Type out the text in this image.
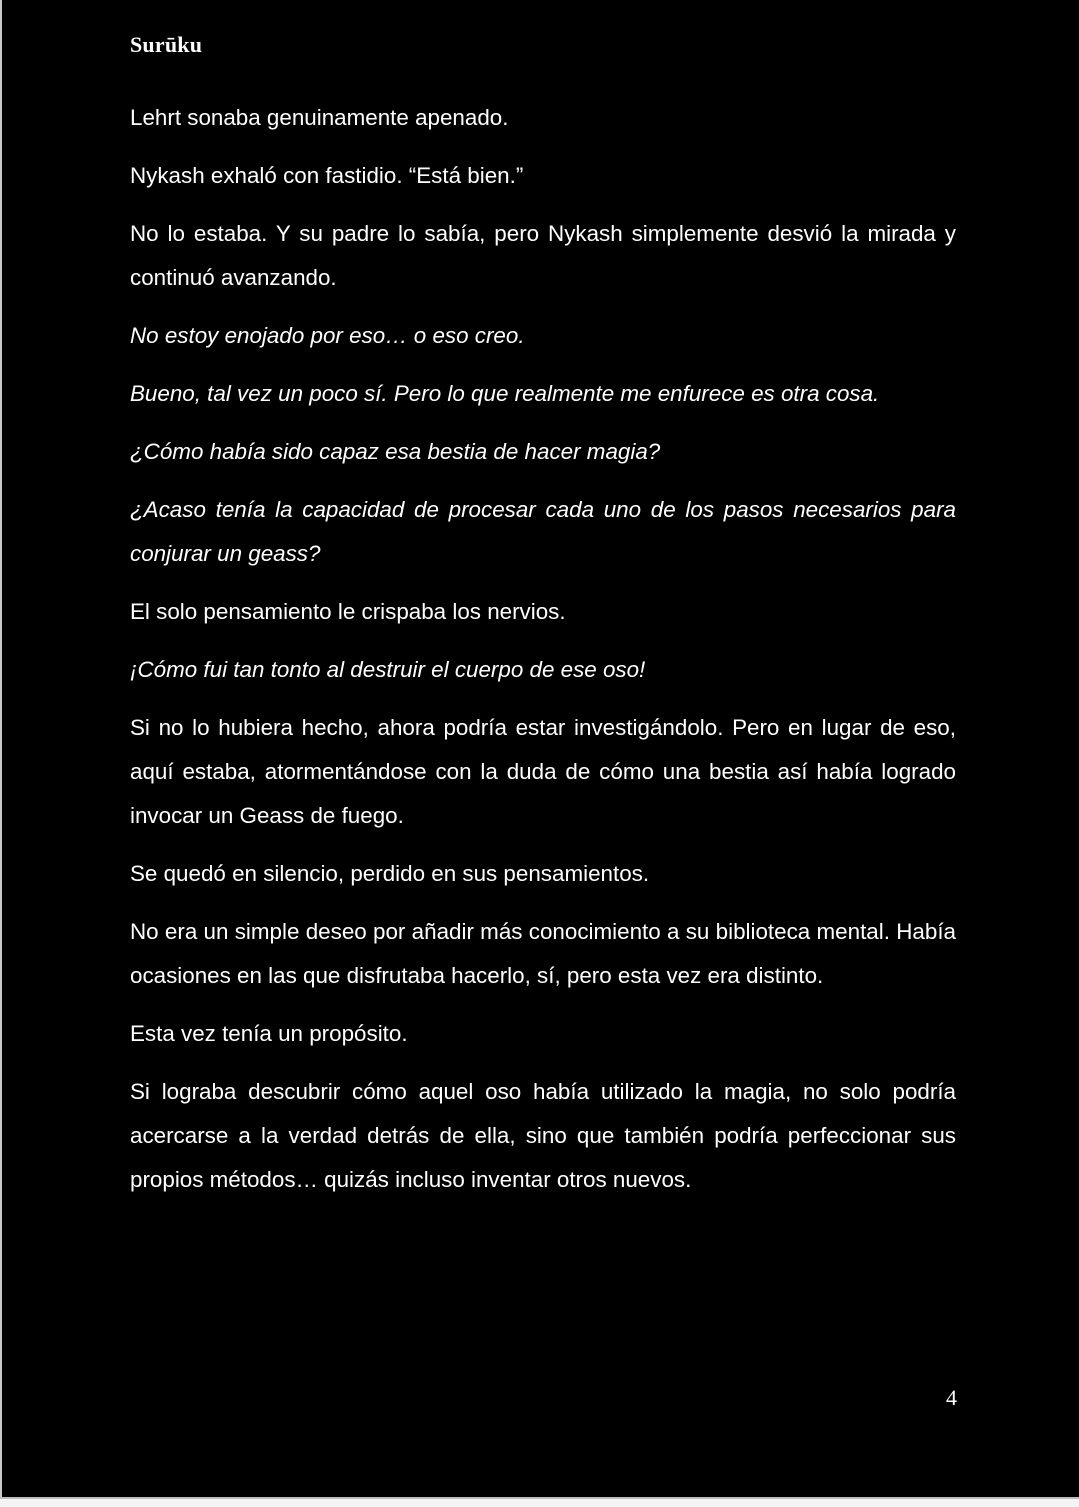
Surūku

Lehrt sonaba genuinamente apenado.

Nykash exhaló con fastidio. “Está bien.”

No lo estaba. Y su padre lo sabía, pero Nykash simplemente desvió la mirada y continuó avanzando.

No estoy enojado por eso… o eso creo.

Bueno, tal vez un poco sí. Pero lo que realmente me enfurece es otra cosa.

¿Cómo había sido capaz esa bestia de hacer magia?

¿Acaso tenía la capacidad de procesar cada uno de los pasos necesarios para conjurar un geass?

El solo pensamiento le crispaba los nervios.

¡Cómo fui tan tonto al destruir el cuerpo de ese oso!

Si no lo hubiera hecho, ahora podría estar investigándolo. Pero en lugar de eso, aquí estaba, atormentándose con la duda de cómo una bestia así había logrado invocar un Geass de fuego.

Se quedó en silencio, perdido en sus pensamientos.

No era un simple deseo por añadir más conocimiento a su biblioteca mental. Había ocasiones en las que disfrutaba hacerlo, sí, pero esta vez era distinto.

Esta vez tenía un propósito.

Si lograba descubrir cómo aquel oso había utilizado la magia, no solo podría acercarse a la verdad detrás de ella, sino que también podría perfeccionar sus propios métodos… quizás incluso inventar otros nuevos.

4
